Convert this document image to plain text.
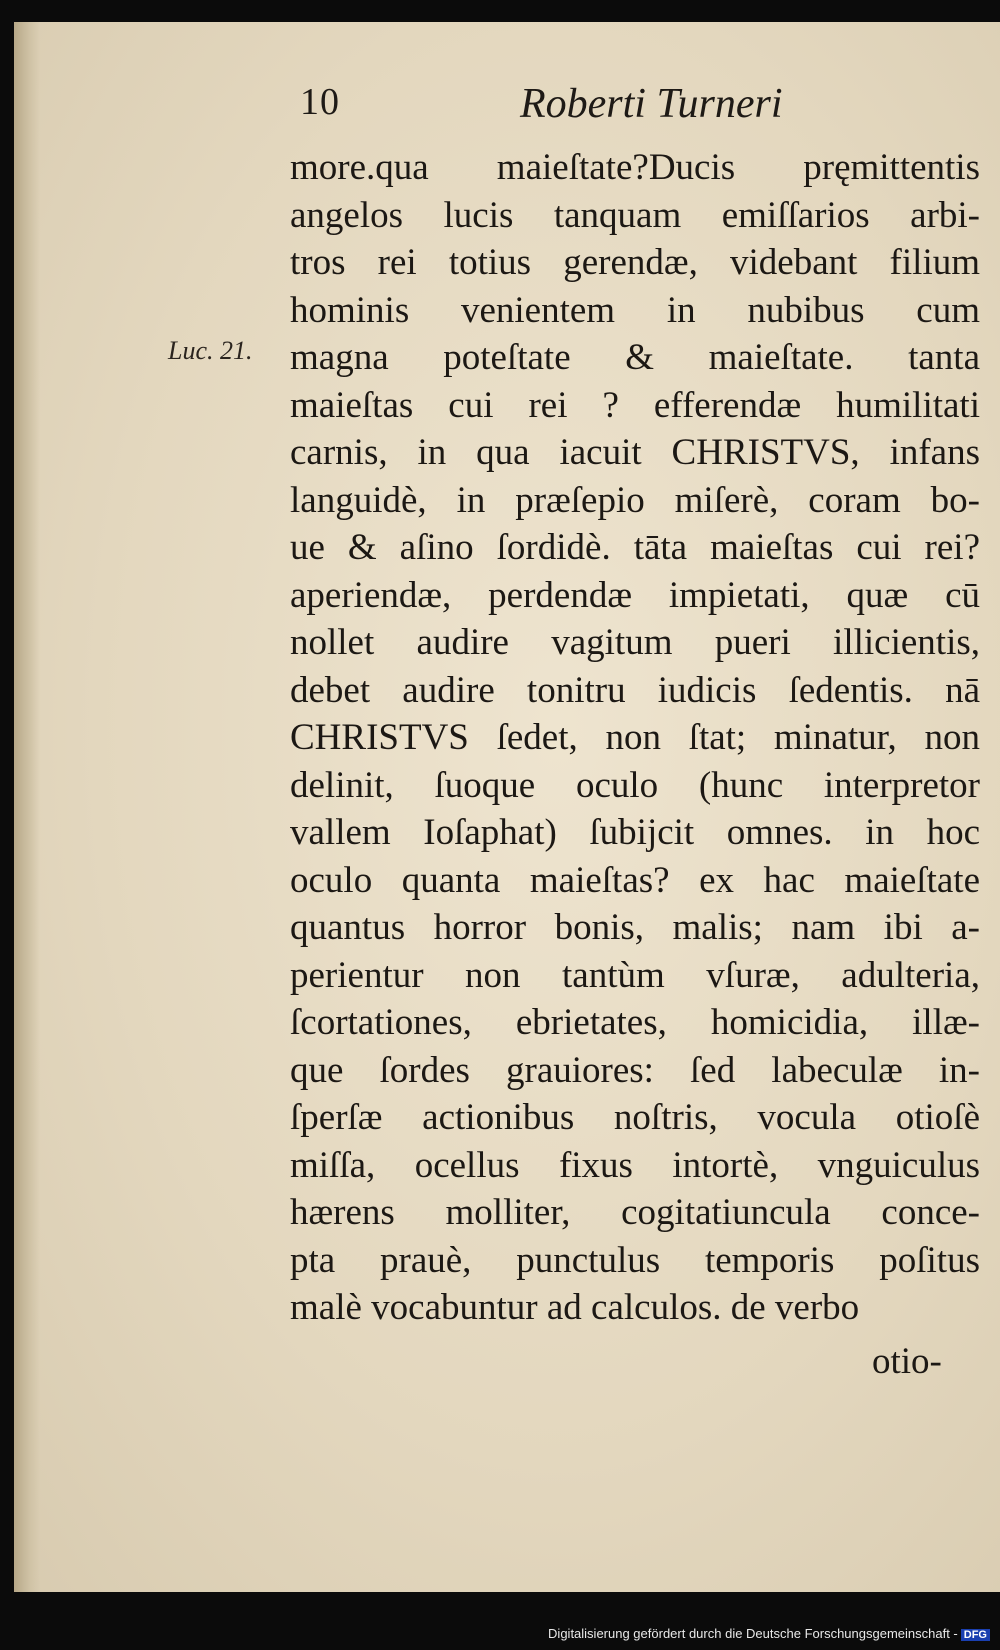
10	Roberti Turneri
Luc. 21.
more.qua maieſtate?Ducis pręmittentis
angelos lucis tanquam emiſſarios arbi-
tros rei totius gerendæ, videbant filium
hominis venientem in nubibus cum
magna poteſtate & maieſtate. tanta
maieſtas cui rei ? efferendæ humilitati
carnis, in qua iacuit CHRISTVS, infans
languidè, in præſepio miſerè, coram bo-
ue & aſino ſordidè. tāta maieſtas cui rei?
aperiendæ, perdendæ impietati, quæ cū
nollet audire vagitum pueri illicientis,
debet audire tonitru iudicis ſedentis. nā
CHRISTVS ſedet, non ſtat; minatur, non
delinit, ſuoque oculo (hunc interpretor
vallem Ioſaphat) ſubijcit omnes. in hoc
oculo quanta maieſtas? ex hac maieſtate
quantus horror bonis, malis; nam ibi a-
perientur non tantùm vſuræ, adulteria,
ſcortationes, ebrietates, homicidia, illæ-
que ſordes grauiores: ſed labeculæ in-
ſperſæ actionibus noſtris, vocula otioſè
miſſa, ocellus fixus intortè, vnguiculus
hærens molliter, cogitatiuncula conce-
pta prauè, punctulus temporis poſitus
malè vocabuntur ad calculos. de verbo
otio-
Digitalisierung gefördert durch die Deutsche Forschungsgemeinschaft - DFG
